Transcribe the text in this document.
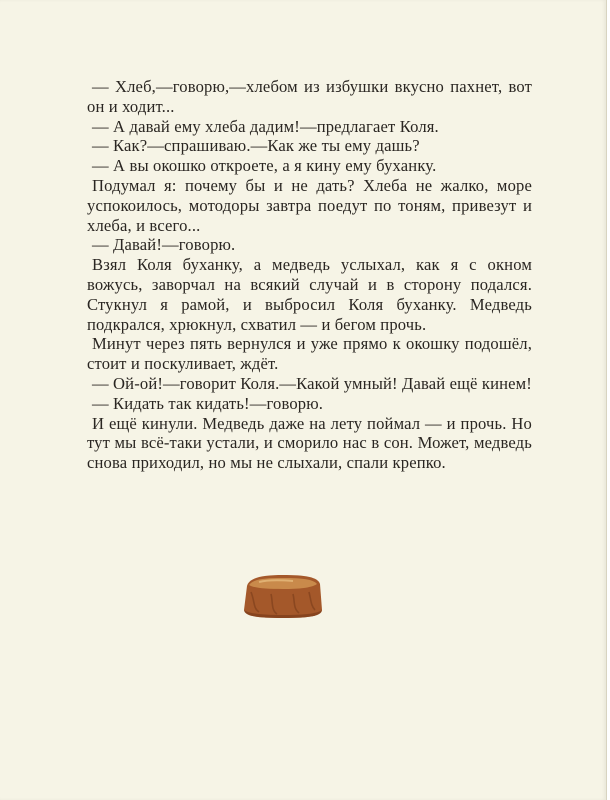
— Хлеб,—говорю,—хлебом из избушки вкусно пахнет, вот он и ходит...

— А давай ему хлеба дадим!—предлагает Коля.

— Как?—спрашиваю.—Как же ты ему дашь?

— А вы окошко откроете, а я кину ему буханку.

Подумал я: почему бы и не дать? Хлеба не жалко, море успокоилось, мотодоры завтра поедут по тоням, привезут и хлеба, и всего...

— Давай!—говорю.

Взял Коля буханку, а медведь услыхал, как я с окном вожусь, заворчал на всякий случай и в сторону подался. Стукнул я рамой, и выбросил Коля буханку. Медведь подкрался, хрюкнул, схватил — и бегом прочь.

Минут через пять вернулся и уже прямо к окошку подошёл, стоит и поскуливает, ждёт.

— Ой-ой!—говорит Коля.—Какой умный! Давай ещё кинем!

— Кидать так кидать!—говорю.

И ещё кинули. Медведь даже на лету поймал — и прочь. Но тут мы всё-таки устали, и сморило нас в сон. Может, медведь снова приходил, но мы не слыхали, спали крепко.
